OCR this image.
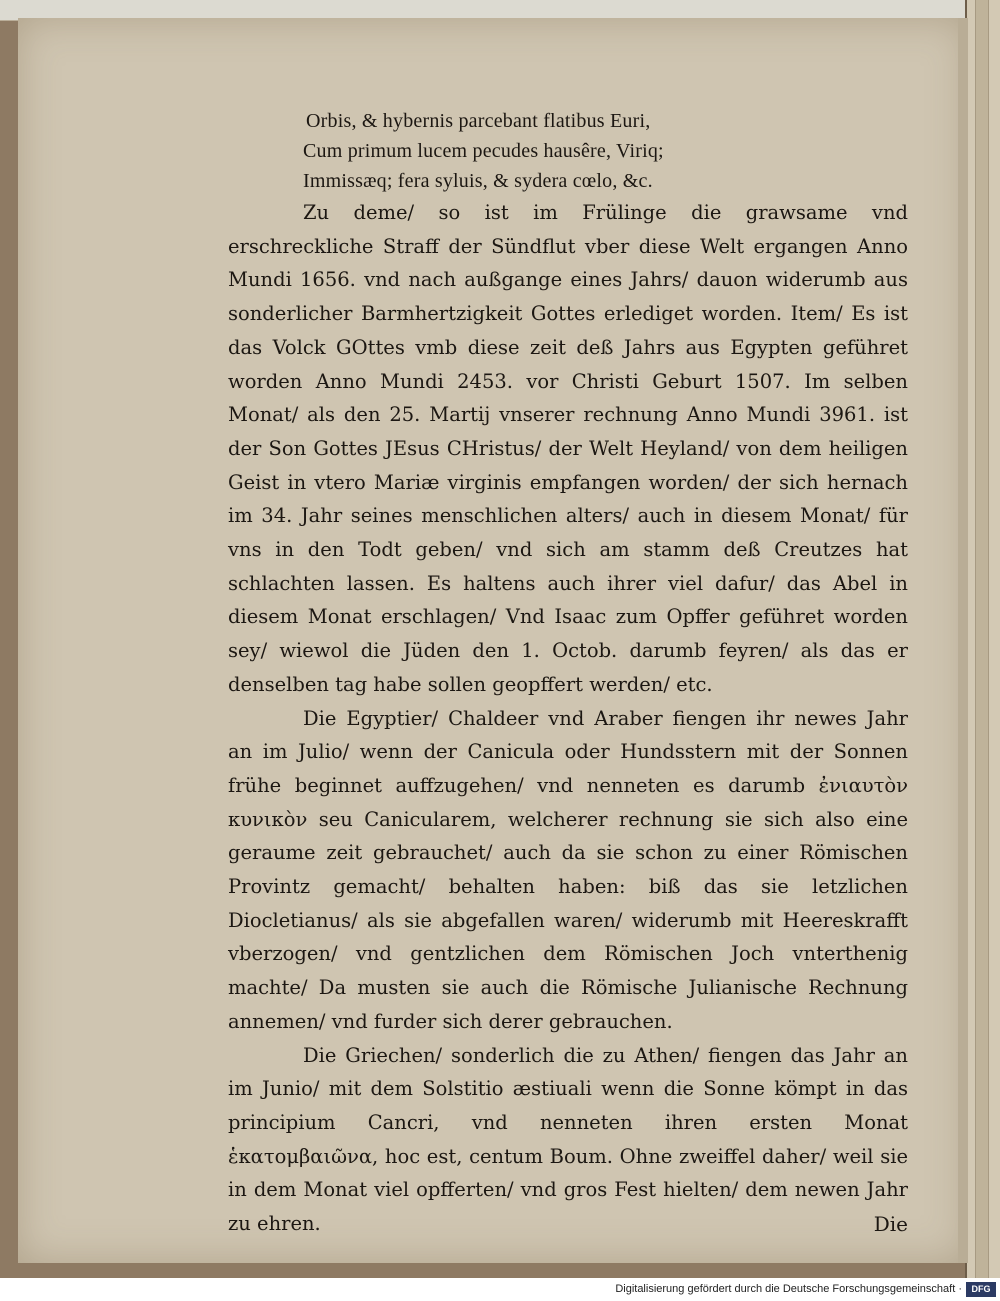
Orbis, & hybernis parcebant flatibus Euri,
Cum primum lucem pecudes hausêre, Viriq;
Immissæq; fera syluis, & sydera cœlo, &c.

Zu deme/ so ist im Frülinge die grawsame vnd erschreckliche Straff der Sündflut vber diese Welt ergangen Anno Mundi 1656. vnd nach außgange eines Jahrs/ dauon widerumb aus sonderlicher Barmhertzigkeit Gottes erlediget worden. Item/ Es ist das Volck GOttes vmb diese zeit deß Jahrs aus Egypten geführet worden Anno Mundi 2453. vor Christi Geburt 1507. Im selben Monat/ als den 25. Martij vnserer rechnung Anno Mundi 3961. ist der Son Gottes JEsus CHristus/ der Welt Heyland/ von dem heiligen Geist in vtero Mariæ virginis empfangen worden/ der sich hernach im 34. Jahr seines menschlichen alters/ auch in diesem Monat/ für vns in den Todt geben/ vnd sich am stamm deß Creutzes hat schlachten lassen. Es haltens auch ihrer viel dafur/ das Abel in diesem Monat erschlagen/ Vnd Isaac zum Opffer geführet worden sey/ wiewol die Jüden den 1. Octob. darumb feyren/ als das er denselben tag habe sollen geopffert werden/ etc.

Die Egyptier/ Chaldeer vnd Araber fiengen ihr newes Jahr an im Julio/ wenn der Canicula oder Hundsstern mit der Sonnen frühe beginnet auffzugehen/ vnd nenneten es darumb ἐνιαυτὸν κυνικὸν seu Canicularem, welcherer rechnung sie sich also eine geraume zeit gebrauchet/ auch da sie schon zu einer Römischen Provintz gemacht/ behalten haben: biß das sie letzlichen Diocletianus/ als sie abgefallen waren/ widerumb mit Heereskrafft vberzogen/ vnd gentzlichen dem Römischen Joch vnterthenig machte/ Da musten sie auch die Römische Julianische Rechnung annemen/ vnd furder sich derer gebrauchen.

Die Griechen/ sonderlich die zu Athen/ fiengen das Jahr an im Junio/ mit dem Solstitio æstiuali wenn die Sonne kömpt in das principium Cancri, vnd nenneten ihren ersten Monat ἑκατομβαιῶνα, hoc est, centum Boum. Ohne zweiffel daher/ weil sie in dem Monat viel opfferten/ vnd gros Fest hielten/ dem newen Jahr zu ehren.	Die
Digitalisierung gefördert durch die Deutsche Forschungsgemeinschaft ·	DFG
